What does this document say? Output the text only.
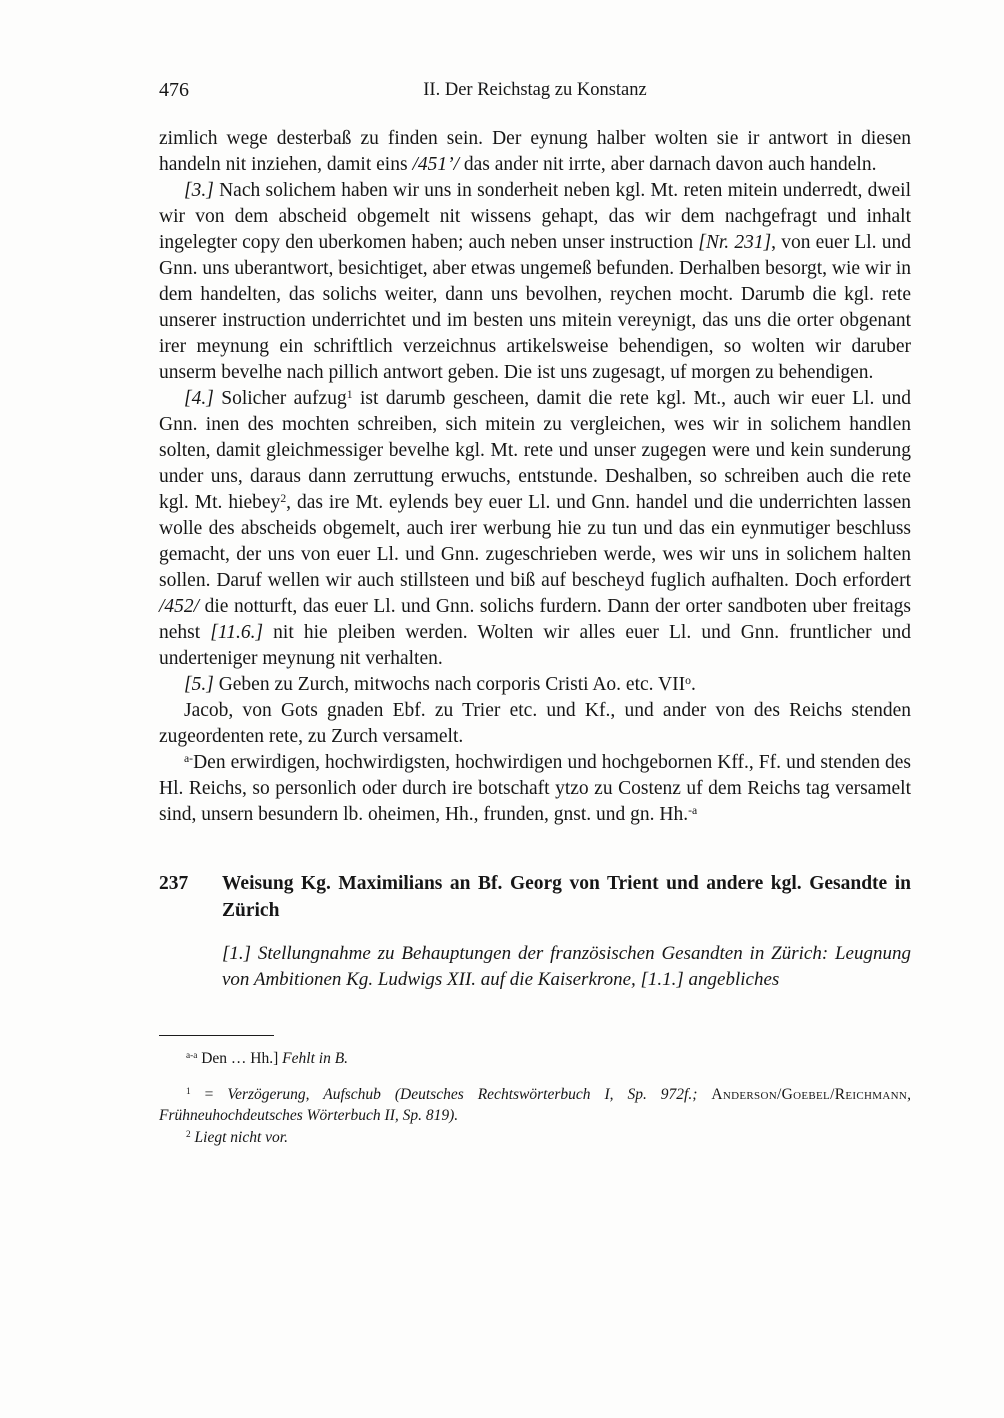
476	II. Der Reichstag zu Konstanz

zimlich wege desterbaß zu finden sein. Der eynung halber wolten sie ir antwort in diesen handeln nit inziehen, damit eins /451’/ das ander nit irrte, aber darnach davon auch handeln.

[3.] Nach solichem haben wir uns in sonderheit neben kgl. Mt. reten mitein underredt, dweil wir von dem abscheid obgemelt nit wissens gehapt, das wir dem nachgefragt und inhalt ingelegter copy den uberkomen haben; auch neben unser instruction [Nr. 231], von euer Ll. und Gnn. uns uberantwort, besichtiget, aber etwas ungemeß befunden. Derhalben besorgt, wie wir in dem handelten, das solichs weiter, dann uns bevolhen, reychen mocht. Darumb die kgl. rete unserer instruction underrichtet und im besten uns mitein vereynigt, das uns die orter obgenant irer meynung ein schriftlich verzeichnus artikelsweise behendigen, so wolten wir daruber unserm bevelhe nach pillich antwort geben. Die ist uns zugesagt, uf morgen zu behendigen.

[4.] Solicher aufzug$^1$ ist darumb gescheen, damit die rete kgl. Mt., auch wir euer Ll. und Gnn. inen des mochten schreiben, sich mitein zu vergleichen, wes wir in solichem handlen solten, damit gleichmessiger bevelhe kgl. Mt. rete und unser zugegen were und kein sunderung under uns, daraus dann zerruttung erwuchs, entstunde. Deshalben, so schreiben auch die rete kgl. Mt. hiebey$^2$, das ire Mt. eylends bey euer Ll. und Gnn. handel und die underrichten lassen wolle des abscheids obgemelt, auch irer werbung hie zu tun und das ein eynmutiger beschluss gemacht, der uns von euer Ll. und Gnn. zugeschrieben werde, wes wir uns in solichem halten sollen. Daruf wellen wir auch stillsteen und biß auf bescheyd fuglich aufhalten. Doch erfordert /452/ die notturft, das euer Ll. und Gnn. solichs furdern. Dann der orter sandboten uber freitags nehst [11.6.] nit hie pleiben werden. Wolten wir alles euer Ll. und Gnn. fruntlicher und underteniger meynung nit verhalten.

[5.] Geben zu Zurch, mitwochs nach corporis Cristi Ao. etc. VII$^o$.

Jacob, von Gots gnaden Ebf. zu Trier etc. und Kf., und ander von des Reichs stenden zugeordenten rete, zu Zurch versamelt.

$^{a-}$Den erwirdigen, hochwirdigsten, hochwirdigen und hochgebornen Kff., Ff. und stenden des Hl. Reichs, so personlich oder durch ire botschaft ytzo zu Costenz uf dem Reichs tag versamelt sind, unsern besundern lb. oheimen, Hh., frunden, gnst. und gn. Hh.$^{-a}$

237 Weisung Kg. Maximilians an Bf. Georg von Trient und andere kgl. Gesandte in Zürich

[1.] Stellungnahme zu Behauptungen der französischen Gesandten in Zürich: Leugnung von Ambitionen Kg. Ludwigs XII. auf die Kaiserkrone, [1.1.] angebliches

$^{a-a}$ Den … Hh.] Fehlt in B.

$^1$ = Verzögerung, Aufschub (Deutsches Rechtswörterbuch I, Sp. 972f.; Anderson/Goebel/Reichmann, Frühneuhochdeutsches Wörterbuch II, Sp. 819).

$^2$ Liegt nicht vor.
